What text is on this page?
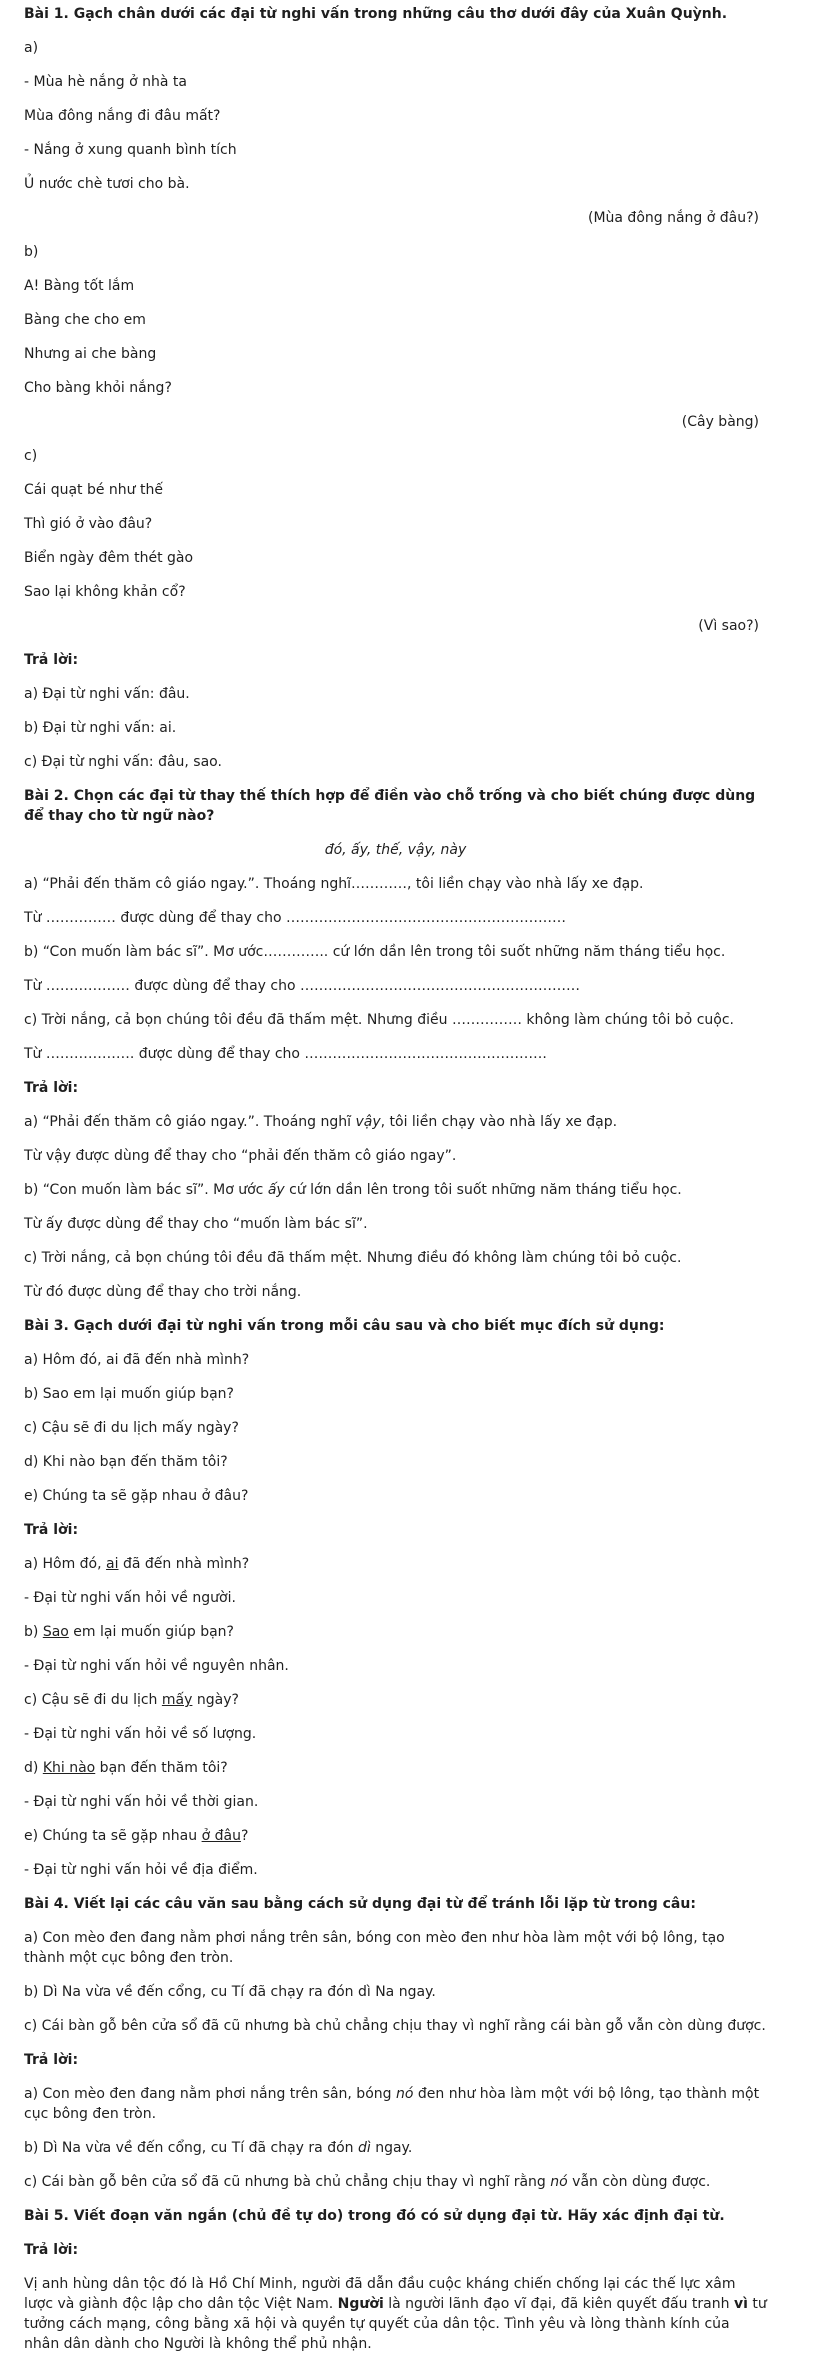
Bài 1. Gạch chân dưới các đại từ nghi vấn trong những câu thơ dưới đây của Xuân Quỳnh.
a)
- Mùa hè nắng ở nhà ta
Mùa đông nắng đi đâu mất?
- Nắng ở xung quanh bình tích
Ủ nước chè tươi cho bà.
(Mùa đông nắng ở đâu?)
b)
A! Bàng tốt lắm
Bàng che cho em
Nhưng ai che bàng
Cho bàng khỏi nắng?
(Cây bàng)
c)
Cái quạt bé như thế
Thì gió ở vào đâu?
Biển ngày đêm thét gào
Sao lại không khản cổ?
(Vì sao?)
Trả lời:
a) Đại từ nghi vấn: đâu.
b) Đại từ nghi vấn: ai.
c) Đại từ nghi vấn: đâu, sao.
Bài 2. Chọn các đại từ thay thế thích hợp để điền vào chỗ trống và cho biết chúng được dùng để thay cho từ ngữ nào?
đó, ấy, thế, vậy, này
a) “Phải đến thăm cô giáo ngay.”. Thoáng nghĩ…………, tôi liền chạy vào nhà lấy xe đạp.
Từ …………… được dùng để thay cho ……………………………………………………
b) “Con muốn làm bác sĩ”. Mơ ước………….. cứ lớn dần lên trong tôi suốt những năm tháng tiểu học.
Từ ……………… được dùng để thay cho ……………………………………………………
c) Trời nắng, cả bọn chúng tôi đều đã thấm mệt. Nhưng điều …………… không làm chúng tôi bỏ cuộc.
Từ ………………. được dùng để thay cho …………………………………………….
Trả lời:
a) “Phải đến thăm cô giáo ngay.”. Thoáng nghĩ vậy, tôi liền chạy vào nhà lấy xe đạp.
Từ vậy được dùng để thay cho “phải đến thăm cô giáo ngay”.
b) “Con muốn làm bác sĩ”. Mơ ước ấy cứ lớn dần lên trong tôi suốt những năm tháng tiểu học.
Từ ấy được dùng để thay cho “muốn làm bác sĩ”.
c) Trời nắng, cả bọn chúng tôi đều đã thấm mệt. Nhưng điều đó không làm chúng tôi bỏ cuộc.
Từ đó được dùng để thay cho trời nắng.
Bài 3. Gạch dưới đại từ nghi vấn trong mỗi câu sau và cho biết mục đích sử dụng:
a) Hôm đó, ai đã đến nhà mình?
b) Sao em lại muốn giúp bạn?
c) Cậu sẽ đi du lịch mấy ngày?
d) Khi nào bạn đến thăm tôi?
e) Chúng ta sẽ gặp nhau ở đâu?
Trả lời:
a) Hôm đó, ai đã đến nhà mình?
- Đại từ nghi vấn hỏi về người.
b) Sao em lại muốn giúp bạn?
- Đại từ nghi vấn hỏi về nguyên nhân.
c) Cậu sẽ đi du lịch mấy ngày?
- Đại từ nghi vấn hỏi về số lượng.
d) Khi nào bạn đến thăm tôi?
- Đại từ nghi vấn hỏi về thời gian.
e) Chúng ta sẽ gặp nhau ở đâu?
- Đại từ nghi vấn hỏi về địa điểm.
Bài 4. Viết lại các câu văn sau bằng cách sử dụng đại từ để tránh lỗi lặp từ trong câu:
a) Con mèo đen đang nằm phơi nắng trên sân, bóng con mèo đen như hòa làm một với bộ lông, tạo thành một cục bông đen tròn.
b) Dì Na vừa về đến cổng, cu Tí đã chạy ra đón dì Na ngay.
c) Cái bàn gỗ bên cửa sổ đã cũ nhưng bà chủ chẳng chịu thay vì nghĩ rằng cái bàn gỗ vẫn còn dùng được.
Trả lời:
a) Con mèo đen đang nằm phơi nắng trên sân, bóng nó đen như hòa làm một với bộ lông, tạo thành một cục bông đen tròn.
b) Dì Na vừa về đến cổng, cu Tí đã chạy ra đón dì ngay.
c) Cái bàn gỗ bên cửa sổ đã cũ nhưng bà chủ chẳng chịu thay vì nghĩ rằng nó vẫn còn dùng được.
Bài 5. Viết đoạn văn ngắn (chủ đề tự do) trong đó có sử dụng đại từ. Hãy xác định đại từ.
Trả lời:
Vị anh hùng dân tộc đó là Hồ Chí Minh, người đã dẫn đầu cuộc kháng chiến chống lại các thế lực xâm lược và giành độc lập cho dân tộc Việt Nam. Người là người lãnh đạo vĩ đại, đã kiên quyết đấu tranh vì tư tưởng cách mạng, công bằng xã hội và quyền tự quyết của dân tộc. Tình yêu và lòng thành kính của nhân dân dành cho Người là không thể phủ nhận.
